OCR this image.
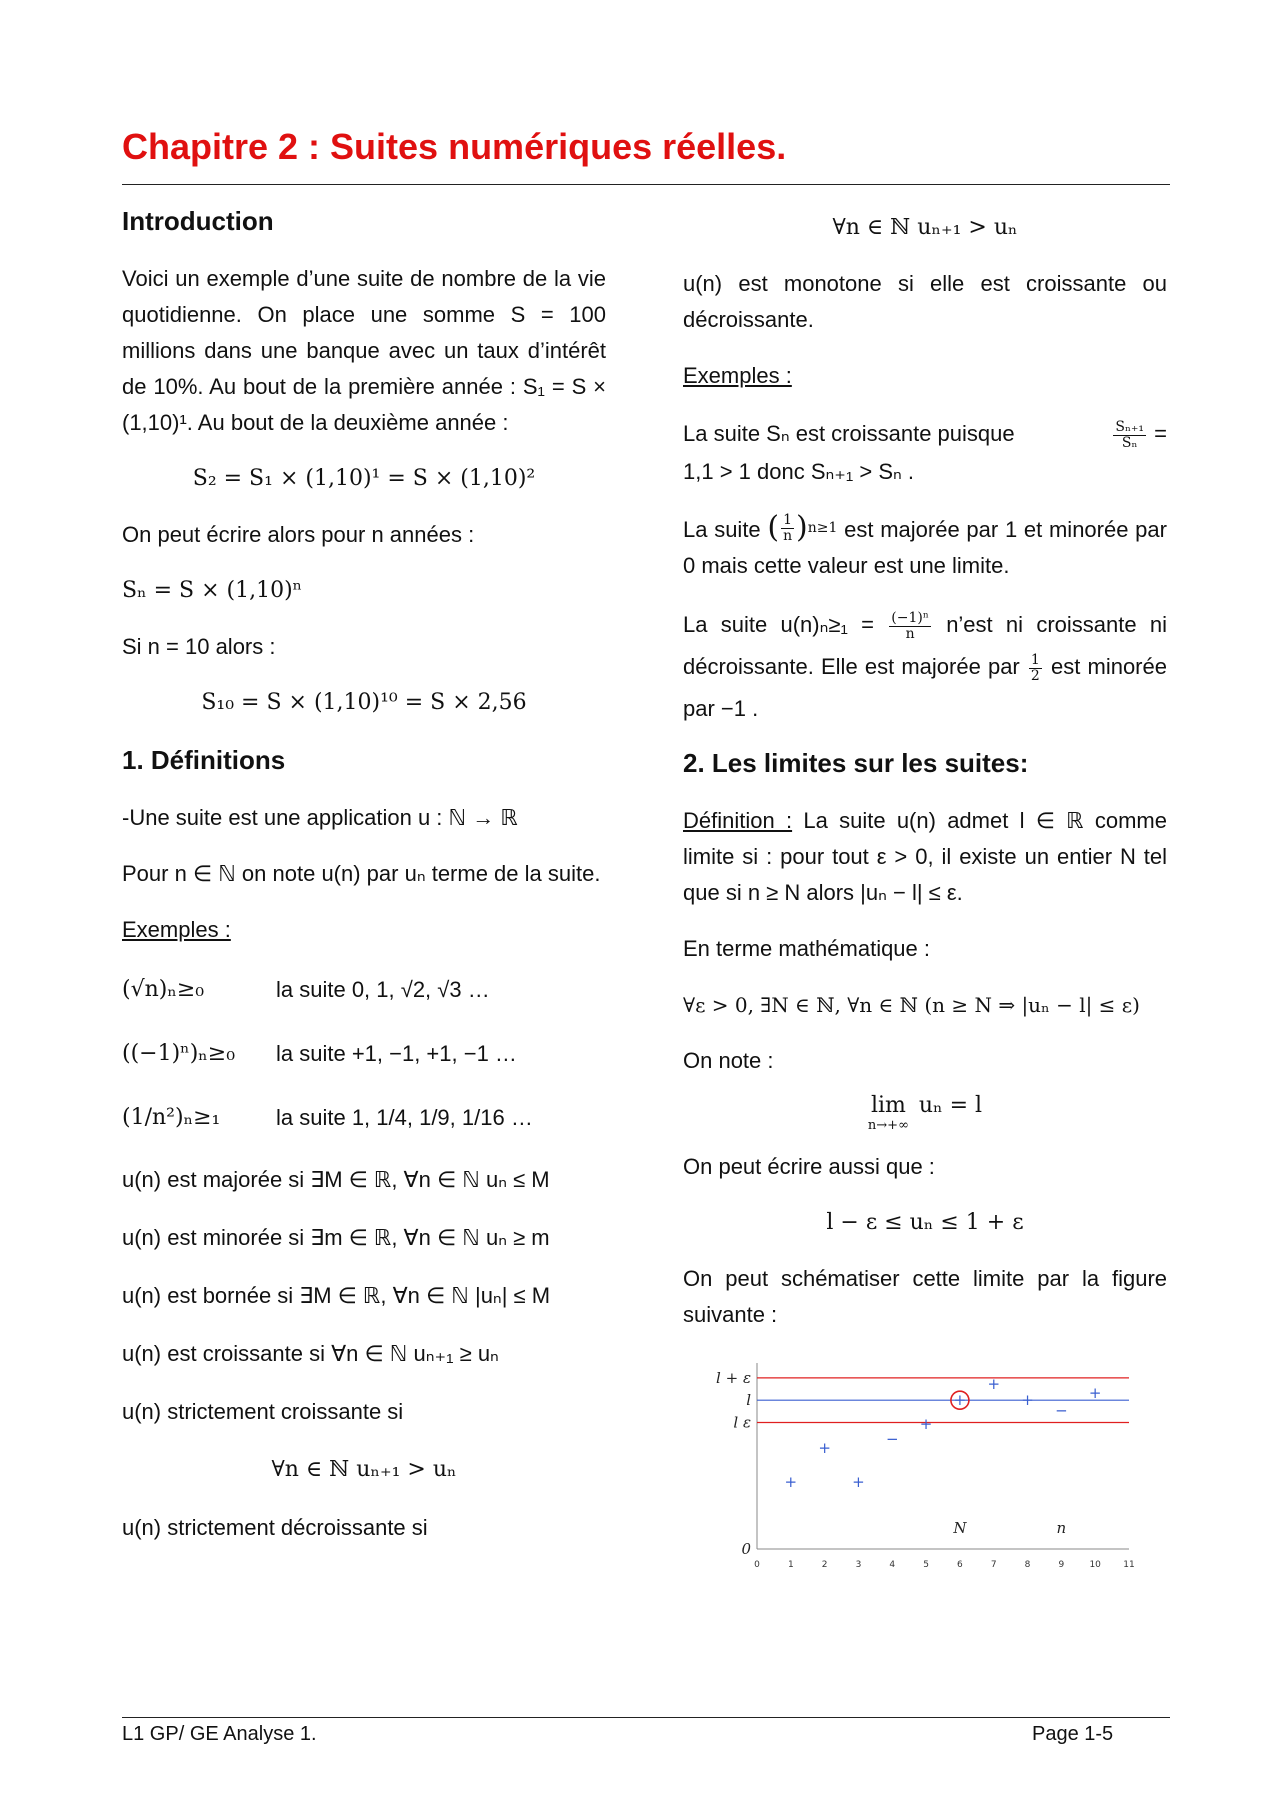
Chapitre 2 : Suites numériques réelles.
Introduction

Voici un exemple d’une suite de nombre de la vie quotidienne. On place une somme S = 100 millions dans une banque avec un taux d’intérêt de 10%. Au bout de la première année : S₁ = S × (1,10)¹. Au bout de la deuxième année :

S₂ = S₁ × (1,10)¹ = S × (1,10)²

On peut écrire alors pour n années :

Sₙ = S × (1,10)ⁿ

Si n = 10 alors :

S₁₀ = S × (1,10)¹⁰ = S × 2,56

1. Définitions

-Une suite est une application u : ℕ → ℝ

Pour n ∈ ℕ on note u(n) par uₙ terme de la suite.

Exemples :

(√n)ₙ≥₀	la suite 0, 1, √2, √3 …
((−1)ⁿ)ₙ≥₀	la suite +1, −1, +1, −1 …
(1/n²)ₙ≥₁	la suite 1, 1/4, 1/9, 1/16 …

u(n) est majorée si ∃M ∈ ℝ, ∀n ∈ ℕ uₙ ≤ M

u(n) est minorée si ∃m ∈ ℝ, ∀n ∈ ℕ uₙ ≥ m

u(n) est bornée si ∃M ∈ ℝ, ∀n ∈ ℕ |uₙ| ≤ M

u(n) est croissante si ∀n ∈ ℕ uₙ₊₁ ≥ uₙ

u(n) strictement croissante si

∀n ∈ ℕ uₙ₊₁ > uₙ

u(n) strictement décroissante si

∀n ∈ ℕ uₙ₊₁ > uₙ

u(n) est monotone si elle est croissante ou décroissante.

Exemples :

La suite Sₙ est croissante puisque	$\frac{\text{Sₙ₊₁}}{\text{Sₙ}}$ =

1,1 > 1 donc Sₙ₊₁ > Sₙ .

La suite ( $\frac{1}{n}$ ) n≥1 est majorée par 1 et minorée par 0 mais cette valeur est une limite.

La suite $u(n)_n\ge_1 = \frac{\text{(−1)ⁿ}}{n}$ n’est ni croissante ni décroissante. Elle est majorée par $\frac{1}{2}$ est minorée par −1 .

2. Les limites sur les suites:

Définition : La suite u(n) admet l ∈ ℝ comme limite si : pour tout ε > 0, il existe un entier N tel que si n ≥ N alors |uₙ − l| ≤ ε.

En terme mathématique :

∀ε > 0, ∃N ∈ ℕ, ∀n ∈ ℕ (n ≥ N ⇒ |uₙ − l| ≤ ε)

On note :

lim
n→+∞
uₙ = l

On peut écrire aussi que :

l − ε ≤ uₙ ≤ 1 + ε

On peut schématiser cette limite par la figure suivante :

l + ε
l
l ε
0
0	1	2	3	4	5	6	7	8	9	10 11
+
+
+
−
+
+
+
+
−
+
N	n
L1 GP/ GE Analyse 1.	Page 1-5
